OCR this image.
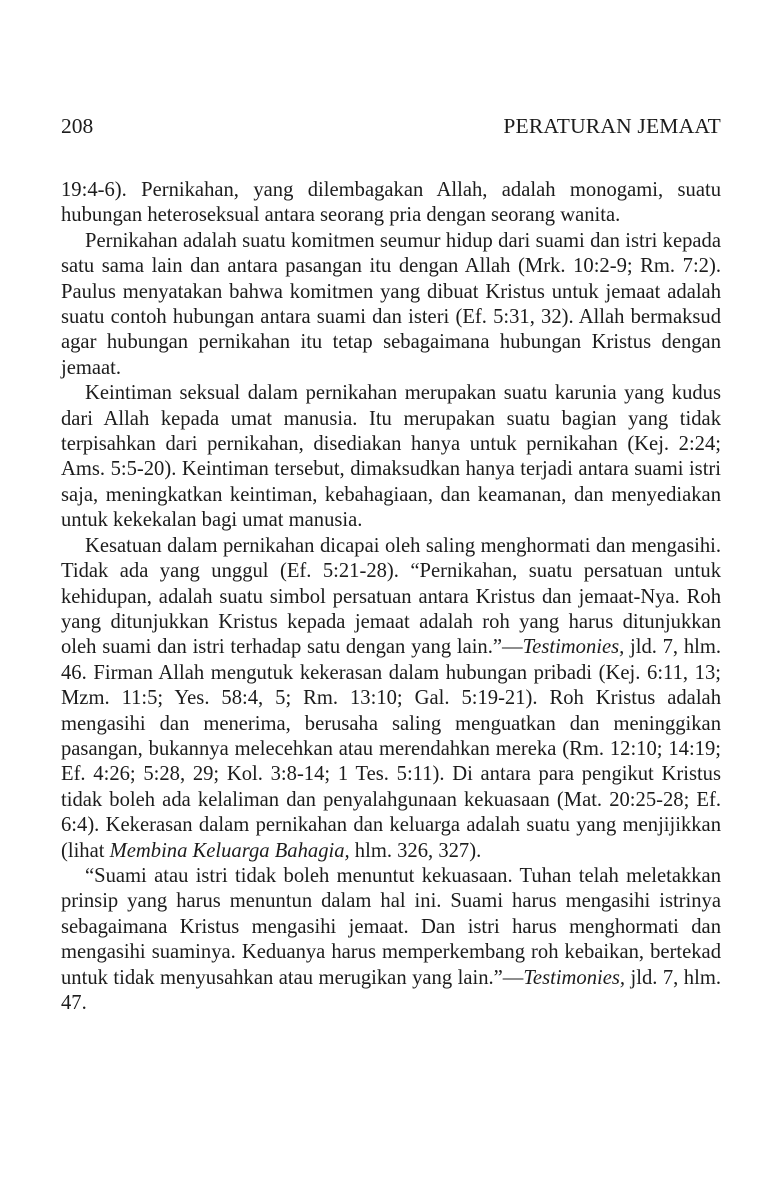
208	PERATURAN JEMAAT

19:4-6). Pernikahan, yang dilembagakan Allah, adalah monogami, suatu hubungan heteroseksual antara seorang pria dengan seorang wanita.

Pernikahan adalah suatu komitmen seumur hidup dari suami dan istri kepada satu sama lain dan antara pasangan itu dengan Allah (Mrk. 10:2-9; Rm. 7:2). Paulus menyatakan bahwa komitmen yang dibuat Kristus untuk jemaat adalah suatu contoh hubungan antara suami dan isteri (Ef. 5:31, 32). Allah bermaksud agar hubungan pernikahan itu tetap sebagaimana hubungan Kristus dengan jemaat.

Keintiman seksual dalam pernikahan merupakan suatu karunia yang kudus dari Allah kepada umat manusia. Itu merupakan suatu bagian yang tidak terpisahkan dari pernikahan, disediakan hanya untuk pernikahan (Kej. 2:24; Ams. 5:5-20). Keintiman tersebut, dimaksudkan hanya terjadi antara suami istri saja, meningkatkan keintiman, kebahagiaan, dan keamanan, dan menyediakan untuk kekekalan bagi umat manusia.

Kesatuan dalam pernikahan dicapai oleh saling menghormati dan mengasihi. Tidak ada yang unggul (Ef. 5:21-28). “Pernikahan, suatu persatuan untuk kehidupan, adalah suatu simbol persatuan antara Kristus dan jemaat-Nya. Roh yang ditunjukkan Kristus kepada jemaat adalah roh yang harus ditunjukkan oleh suami dan istri terhadap satu dengan yang lain.”—Testimonies, jld. 7, hlm. 46. Firman Allah mengutuk kekerasan dalam hubungan pribadi (Kej. 6:11, 13; Mzm. 11:5; Yes. 58:4, 5; Rm. 13:10; Gal. 5:19-21). Roh Kristus adalah mengasihi dan menerima, berusaha saling menguatkan dan meninggikan pasangan, bukannya melecehkan atau merendahkan mereka (Rm. 12:10; 14:19; Ef. 4:26; 5:28, 29; Kol. 3:8-14; 1 Tes. 5:11). Di antara para pengikut Kristus tidak boleh ada kelaliman dan penyalahgunaan kekuasaan (Mat. 20:25-28; Ef. 6:4). Kekerasan dalam pernikahan dan keluarga adalah suatu yang menjijikkan (lihat Membina Keluarga Bahagia, hlm. 326, 327).

“Suami atau istri tidak boleh menuntut kekuasaan. Tuhan telah meletakkan prinsip yang harus menuntun dalam hal ini. Suami harus mengasihi istrinya sebagaimana Kristus mengasihi jemaat. Dan istri harus menghormati dan mengasihi suaminya. Keduanya harus memperkembang roh kebaikan, bertekad untuk tidak menyusahkan atau merugikan yang lain.”—Testimonies, jld. 7, hlm. 47.
